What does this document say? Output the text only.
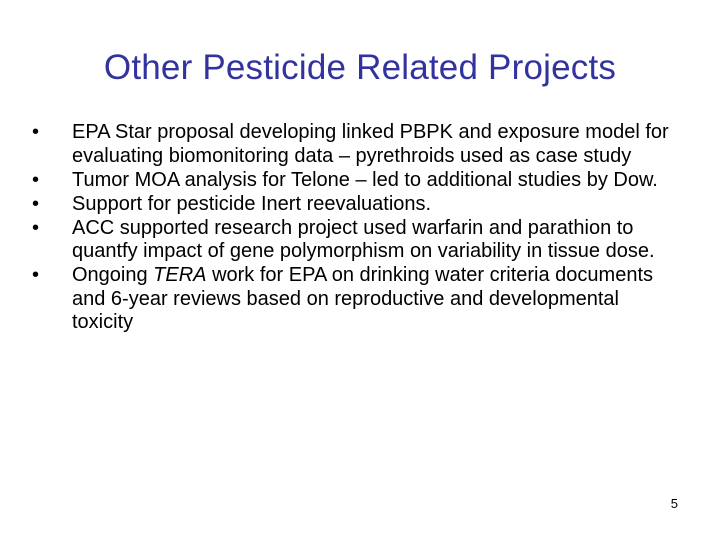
Other Pesticide Related Projects
•	EPA Star proposal developing linked PBPK and exposure model for evaluating biomonitoring data – pyrethroids used as case study
•	Tumor MOA analysis for Telone – led to additional studies by Dow.
•	Support for pesticide Inert reevaluations.
•	ACC supported research project used warfarin and parathion to quantfy impact of gene polymorphism on variability in tissue dose.
•	Ongoing TERA work for EPA on drinking water criteria documents and 6-year reviews based on reproductive and developmental toxicity
5
